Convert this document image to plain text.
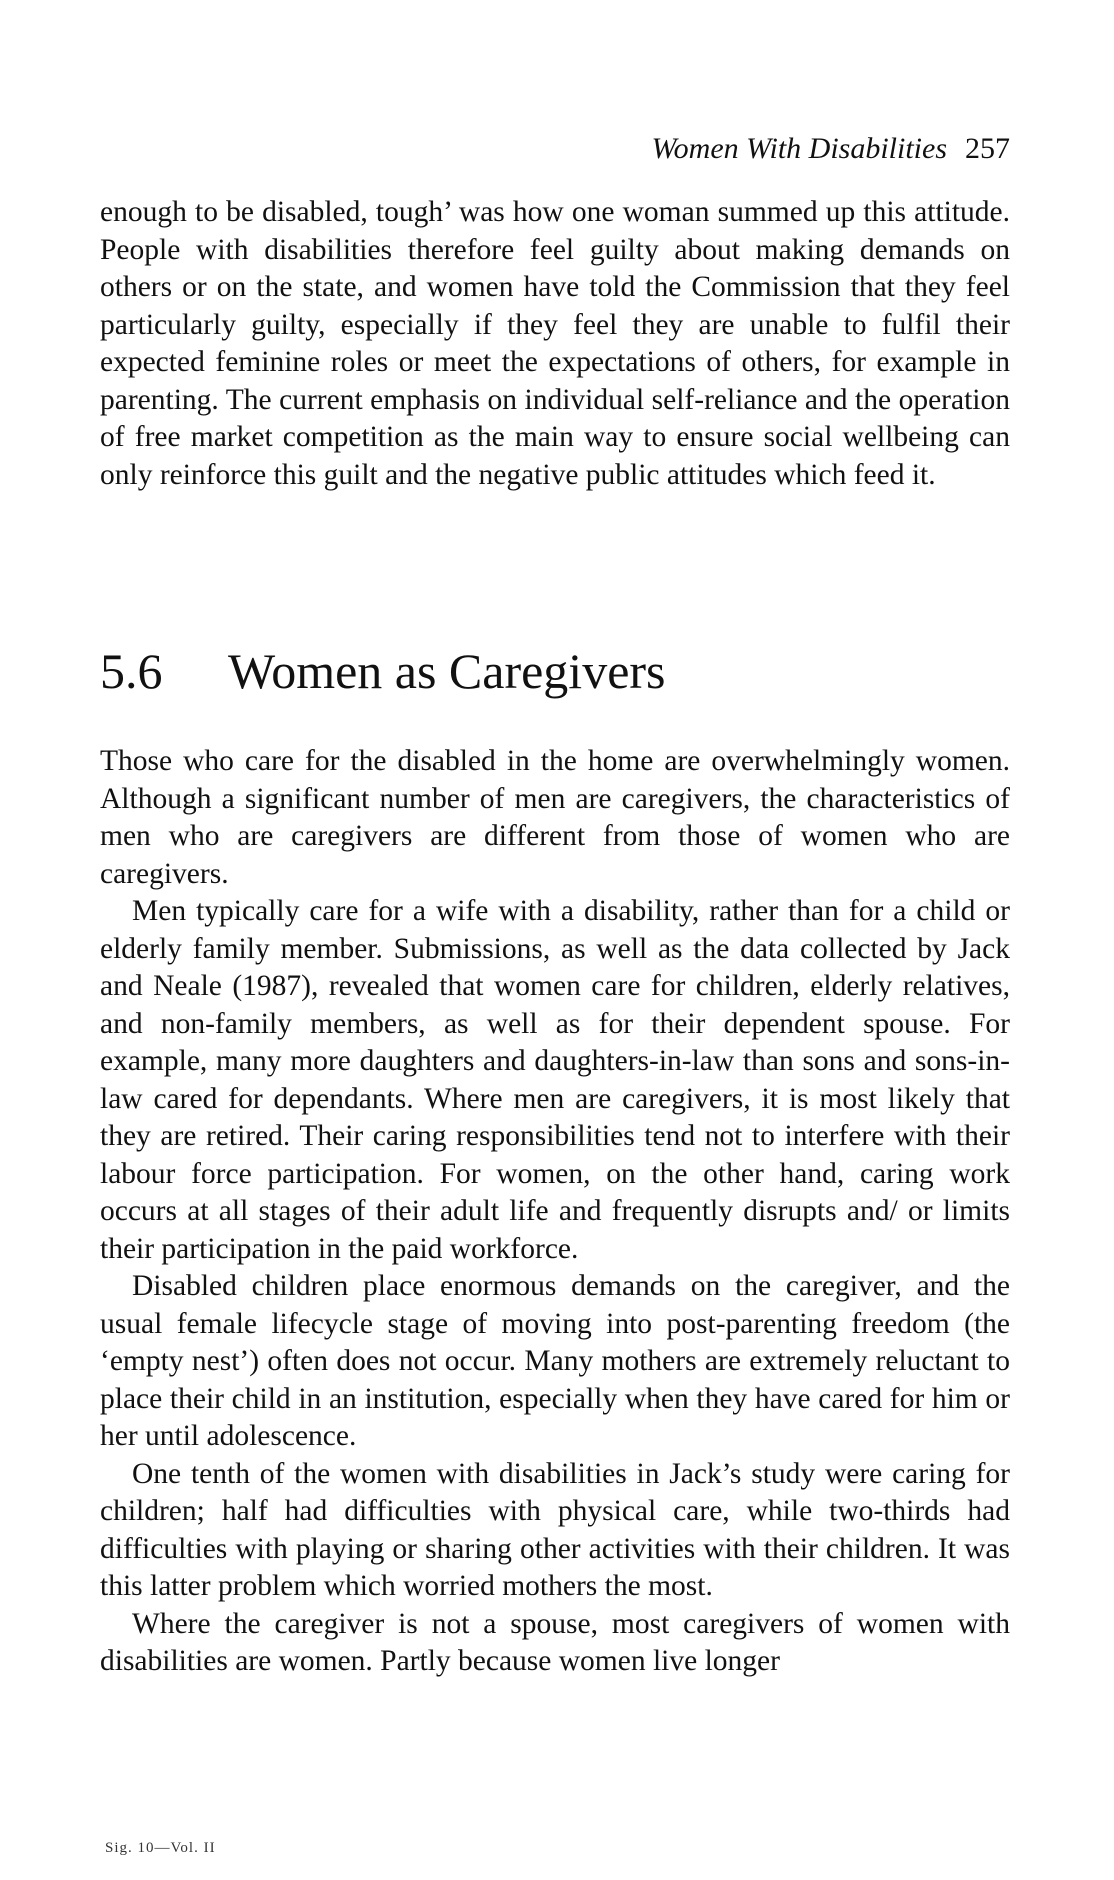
Women With Disabilities 257

enough to be disabled, tough’ was how one woman summed up this attitude. People with disabilities therefore feel guilty about making demands on others or on the state, and women have told the Commission that they feel particularly guilty, especially if they feel they are unable to fulfil their expected feminine roles or meet the expectations of others, for example in parenting. The current emphasis on individual self-reliance and the operation of free market competition as the main way to ensure social wellbeing can only reinforce this guilt and the negative public attitudes which feed it.

5.6 Women as Caregivers

Those who care for the disabled in the home are overwhelmingly women. Although a significant number of men are caregivers, the characteristics of men who are caregivers are different from those of women who are caregivers.

Men typically care for a wife with a disability, rather than for a child or elderly family member. Submissions, as well as the data collected by Jack and Neale (1987), revealed that women care for children, elderly relatives, and non-family members, as well as for their dependent spouse. For example, many more daughters and daughters-in-law than sons and sons-in-law cared for dependants. Where men are caregivers, it is most likely that they are retired. Their caring responsibilities tend not to interfere with their labour force participation. For women, on the other hand, caring work occurs at all stages of their adult life and frequently disrupts and/ or limits their participation in the paid workforce.

Disabled children place enormous demands on the caregiver, and the usual female lifecycle stage of moving into post-parenting freedom (the ‘empty nest’) often does not occur. Many mothers are extremely reluctant to place their child in an institution, especially when they have cared for him or her until adolescence.

One tenth of the women with disabilities in Jack’s study were caring for children; half had difficulties with physical care, while two-thirds had difficulties with playing or sharing other activities with their children. It was this latter problem which worried mothers the most.

Where the caregiver is not a spouse, most caregivers of women with disabilities are women. Partly because women live longer

Sig. 10—Vol. II
